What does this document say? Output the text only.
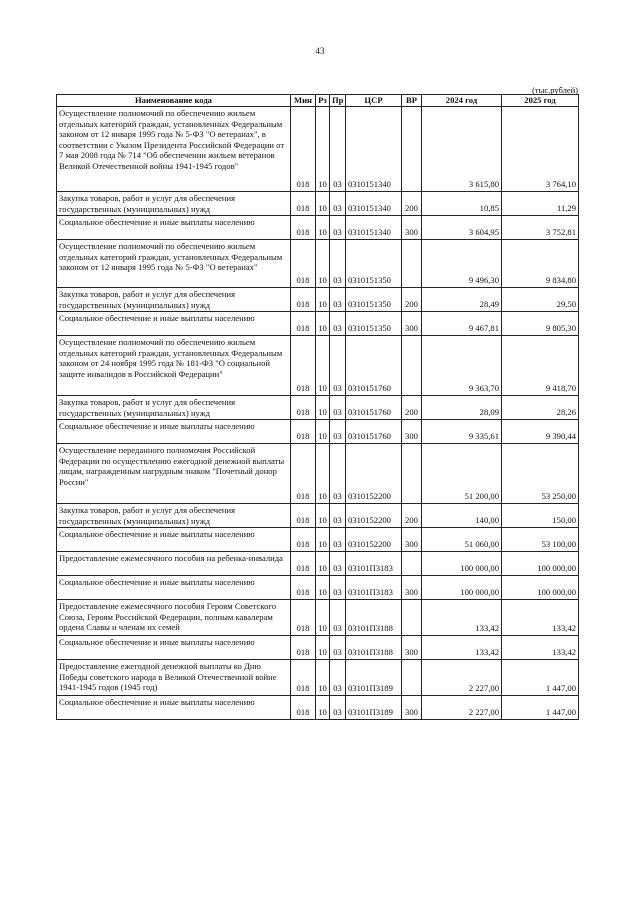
43
(тыс.рублей)
Наименование кода	Мин	Рз	Пр	ЦСР	ВР	2024 год	2025 год
Осуществление полномочий по обеспечению жильем отдельных категорий граждан, установленных Федеральным законом от 12 января 1995 года № 5-ФЗ "О ветеранах", в соответствии с Указом Президента Российской Федерации от 7 мая 2008 года № 714 "Об обеспечении жильем ветеранов Великой Отечественной войны 1941-1945 годов"	018	10	03	0310151340		3 615,80	3 764,10
Закупка товаров, работ и услуг для обеспечения государственных (муниципальных) нужд	018	10	03	0310151340	200	10,85	11,29
Социальное обеспечение и иные выплаты населению	018	10	03	0310151340	300	3 604,95	3 752,81
Осуществление полномочий по обеспечению жильем отдельных категорий граждан, установленных Федеральным законом от 12 января 1995 года № 5-ФЗ "О ветеранах"	018	10	03	0310151350		9 496,30	9 834,80
Закупка товаров, работ и услуг для обеспечения государственных (муниципальных) нужд	018	10	03	0310151350	200	28,49	29,50
Социальное обеспечение и иные выплаты населению	018	10	03	0310151350	300	9 467,81	9 805,30
Осуществление полномочий по обеспечению жильем отдельных категорий граждан, установленных Федеральным законом от 24 ноября 1995 года № 181-ФЗ "О социальной защите инвалидов в Российской Федерации"	018	10	03	0310151760		9 363,70	9 418,70
Закупка товаров, работ и услуг для обеспечения государственных (муниципальных) нужд	018	10	03	0310151760	200	28,09	28,26
Социальное обеспечение и иные выплаты населению	018	10	03	0310151760	300	9 335,61	9 390,44
Осуществление переданного полномочия Российской Федерации по осуществлению ежегодной денежной выплаты лицам, награжденным нагрудным знаком "Почетный донор России"	018	10	03	0310152200		51 200,00	53 250,00
Закупка товаров, работ и услуг для обеспечения государственных (муниципальных) нужд	018	10	03	0310152200	200	140,00	150,00
Социальное обеспечение и иные выплаты населению	018	10	03	0310152200	300	51 060,00	53 100,00
Предоставление ежемесячного пособия на ребенка-инвалида	018	10	03	03101П3183		100 000,00	100 000,00
Социальное обеспечение и иные выплаты населению	018	10	03	03101П3183	300	100 000,00	100 000,00
Предоставление ежемесячного пособия Героям Советского Союза, Героям Российской Федерации, полным кавалерам ордена Славы и членам их семей	018	10	03	03101П3188		133,42	133,42
Социальное обеспечение и иные выплаты населению	018	10	03	03101П3188	300	133,42	133,42
Предоставление ежегодной денежной выплаты ко Дню Победы советского народа в Великой Отечественной войне 1941-1945 годов (1945 год)	018	10	03	03101П3189		2 227,00	1 447,00
Социальное обеспечение и иные выплаты населению	018	10	03	03101П3189	300	2 227,00	1 447,00
